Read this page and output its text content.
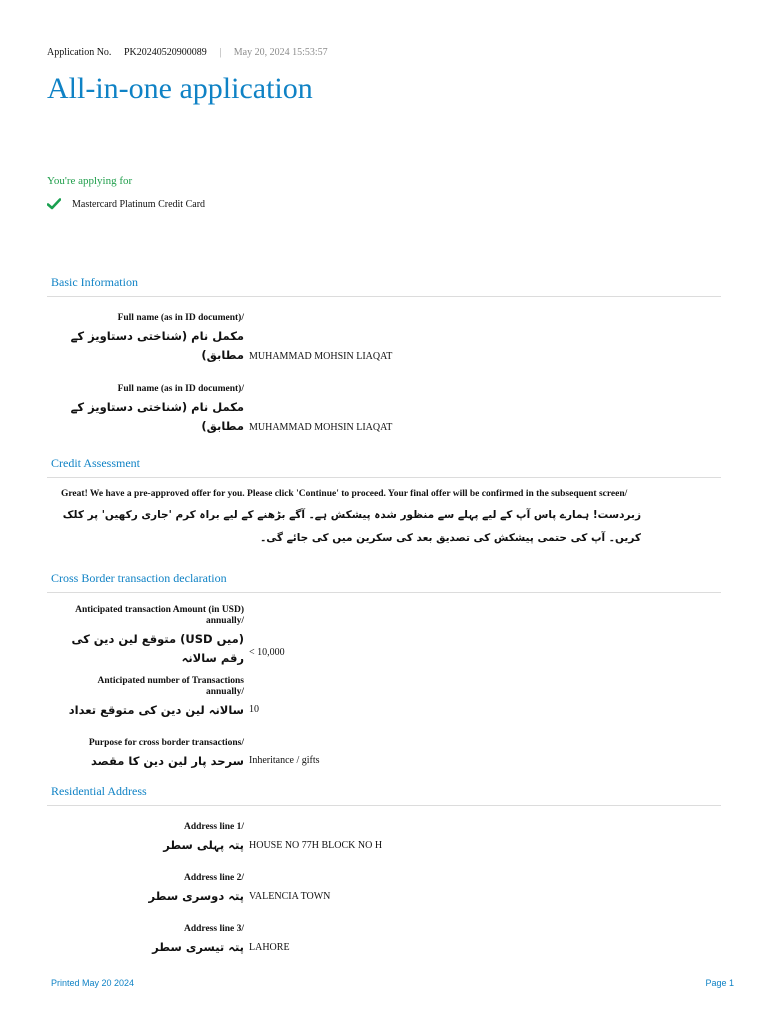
Application No. PK20240520900089 | May 20, 2024 15:53:57
All-in-one application
You're applying for
Mastercard Platinum Credit Card
Basic Information
Full name (as in ID document)/
مکمل نام (شناختی دستاویز کے مطابق) MUHAMMAD MOHSIN LIAQAT
Full name (as in ID document)/
مکمل نام (شناختی دستاویز کے مطابق) MUHAMMAD MOHSIN LIAQAT
Credit Assessment
Great! We have a pre-approved offer for you. Please click 'Continue' to proceed. Your final offer will be confirmed in the subsequent screen/
زبردست! ہمارے پاس آپ کے لیے پہلے سے منظور شدہ پیشکش ہے۔ آگے بڑھنے کے لیے براہ کرم 'جاری رکھیں' پر کلک کریں۔ آپ کی حتمی پیشکش کی تصدیق بعد کی سکرین میں کی جائے گی۔
Cross Border transaction declaration
Anticipated transaction Amount (in USD) annually/
(میں USD) متوقع لین دین کی رقم سالانہ < 10,000
Anticipated number of Transactions annually/
سالانہ لین دین کی متوقع تعداد 10
Purpose for cross border transactions/
سرحد پار لین دین کا مقصد Inheritance / gifts
Residential Address
Address line 1/
پتہ پہلی سطر HOUSE NO 77H BLOCK NO H
Address line 2/
پتہ دوسری سطر VALENCIA TOWN
Address line 3/
پتہ تیسری سطر LAHORE
Printed May 20 2024	Page 1
